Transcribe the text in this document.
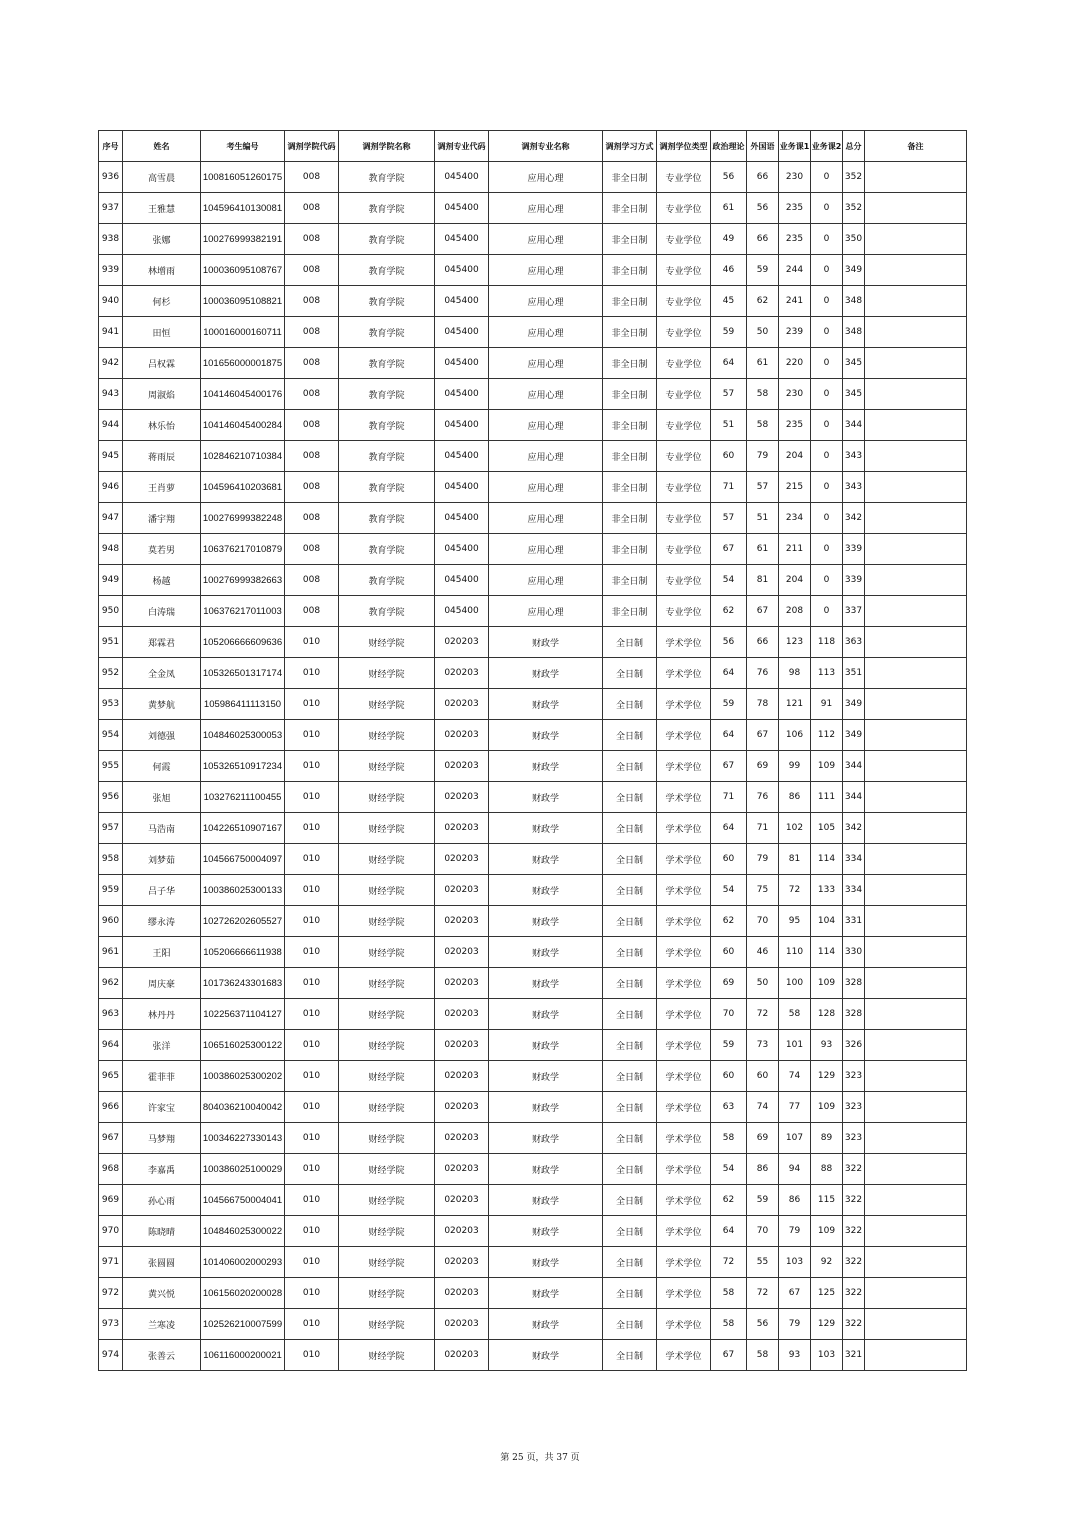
序号	姓名	考生编号	调剂学院代码	调剂学院名称	调剂专业代码	调剂专业名称	调剂学习方式	调剂学位类型	政治理论	外国语	业务课1	业务课2	总分	备注
936	高雪晨	100816051260175	008	教育学院	045400	应用心理	非全日制	专业学位	56	66	230	0	352	
937	王雅慧	104596410130081	008	教育学院	045400	应用心理	非全日制	专业学位	61	56	235	0	352	
938	张娜	100276999382191	008	教育学院	045400	应用心理	非全日制	专业学位	49	66	235	0	350	
939	林增雨	100036095108767	008	教育学院	045400	应用心理	非全日制	专业学位	46	59	244	0	349	
940	何杉	100036095108821	008	教育学院	045400	应用心理	非全日制	专业学位	45	62	241	0	348	
941	田恒	100016000160711	008	教育学院	045400	应用心理	非全日制	专业学位	59	50	239	0	348	
942	吕权霖	101656000001875	008	教育学院	045400	应用心理	非全日制	专业学位	64	61	220	0	345	
943	周淑焰	104146045400176	008	教育学院	045400	应用心理	非全日制	专业学位	57	58	230	0	345	
944	林乐怡	104146045400284	008	教育学院	045400	应用心理	非全日制	专业学位	51	58	235	0	344	
945	蒋雨辰	102846210710384	008	教育学院	045400	应用心理	非全日制	专业学位	60	79	204	0	343	
946	王肖萝	104596410203681	008	教育学院	045400	应用心理	非全日制	专业学位	71	57	215	0	343	
947	潘宇翔	100276999382248	008	教育学院	045400	应用心理	非全日制	专业学位	57	51	234	0	342	
948	莫若男	106376217010879	008	教育学院	045400	应用心理	非全日制	专业学位	67	61	211	0	339	
949	杨越	100276999382663	008	教育学院	045400	应用心理	非全日制	专业学位	54	81	204	0	339	
950	白涛瑞	106376217011003	008	教育学院	045400	应用心理	非全日制	专业学位	62	67	208	0	337	
951	郑霖君	105206666609636	010	财经学院	020203	财政学	全日制	学术学位	56	66	123	118	363	
952	全金凤	105326501317174	010	财经学院	020203	财政学	全日制	学术学位	64	76	98	113	351	
953	黄梦航	105986411113150	010	财经学院	020203	财政学	全日制	学术学位	59	78	121	91	349	
954	刘德强	104846025300053	010	财经学院	020203	财政学	全日制	学术学位	64	67	106	112	349	
955	何霞	105326510917234	010	财经学院	020203	财政学	全日制	学术学位	67	69	99	109	344	
956	张旭	103276211100455	010	财经学院	020203	财政学	全日制	学术学位	71	76	86	111	344	
957	马浩南	104226510907167	010	财经学院	020203	财政学	全日制	学术学位	64	71	102	105	342	
958	刘梦茹	104566750004097	010	财经学院	020203	财政学	全日制	学术学位	60	79	81	114	334	
959	吕子华	100386025300133	010	财经学院	020203	财政学	全日制	学术学位	54	75	72	133	334	
960	缪永涛	102726202605527	010	财经学院	020203	财政学	全日制	学术学位	62	70	95	104	331	
961	王阳	105206666611938	010	财经学院	020203	财政学	全日制	学术学位	60	46	110	114	330	
962	周庆豪	101736243301683	010	财经学院	020203	财政学	全日制	学术学位	69	50	100	109	328	
963	林丹丹	102256371104127	010	财经学院	020203	财政学	全日制	学术学位	70	72	58	128	328	
964	张洋	106516025300122	010	财经学院	020203	财政学	全日制	学术学位	59	73	101	93	326	
965	霍菲菲	100386025300202	010	财经学院	020203	财政学	全日制	学术学位	60	60	74	129	323	
966	许家宝	804036210040042	010	财经学院	020203	财政学	全日制	学术学位	63	74	77	109	323	
967	马梦翔	100346227330143	010	财经学院	020203	财政学	全日制	学术学位	58	69	107	89	323	
968	李嘉禹	100386025100029	010	财经学院	020203	财政学	全日制	学术学位	54	86	94	88	322	
969	孙心雨	104566750004041	010	财经学院	020203	财政学	全日制	学术学位	62	59	86	115	322	
970	陈晓晴	104846025300022	010	财经学院	020203	财政学	全日制	学术学位	64	70	79	109	322	
971	张圆圆	101406002000293	010	财经学院	020203	财政学	全日制	学术学位	72	55	103	92	322	
972	黄兴悦	106156020200028	010	财经学院	020203	财政学	全日制	学术学位	58	72	67	125	322	
973	兰寒凌	102526210007599	010	财经学院	020203	财政学	全日制	学术学位	58	56	79	129	322	
974	张善云	106116000200021	010	财经学院	020203	财政学	全日制	学术学位	67	58	93	103	321	
第 25 页，共 37 页
